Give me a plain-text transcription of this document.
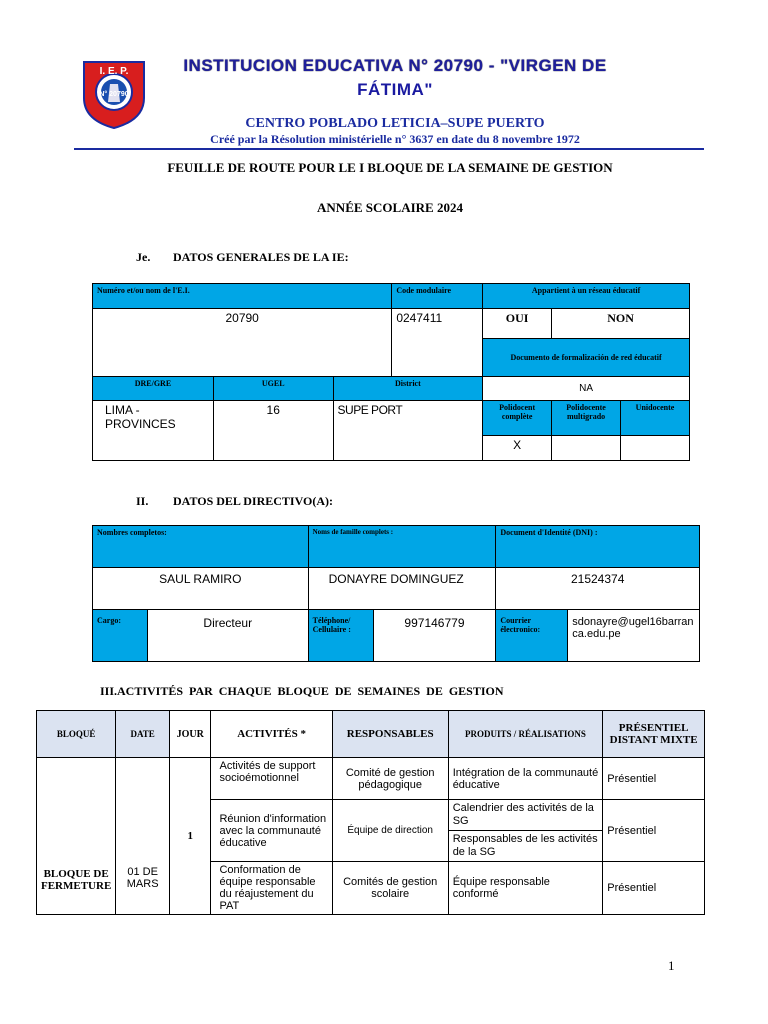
I. E. P.
N° 20790
INSTITUCION EDUCATIVA N° 20790 - "VIRGEN DE
FÁTIMA"
CENTRO POBLADO LETICIA–SUPE PUERTO
Créé par la Résolution ministérielle n° 3637 en date du 8 novembre 1972
FEUILLE DE ROUTE POUR LE I BLOQUE DE LA SEMAINE DE GESTION
ANNÉE SCOLAIRE 2024
Je. DATOS GENERALES DE LA IE:
Numéro et/ou nom de l'E.I.			Code modulaire	Appartient à un réseau éducatif		
20790			0247411	OUI	NON	
				Documento de formalización de red éducatif		
DRE/GRE	UGEL	District		NA		
LIMA - PROVINCES	16	SUPE PORT		Polidocent complète	Polidocente multigrado	Unidocente
				X		
II. DATOS DEL DIRECTIVO(A):
Nombres completos:		Noms de famille complets :		Document d'Identité (DNI) :	
SAUL RAMIRO		DONAYRE DOMINGUEZ		21524374	
Cargo:	Directeur	Téléphone/ Cellulaire :	997146779	Courrier électronico:	sdonayre@ugel16barranca.edu.pe
III.ACTIVITÉS PAR CHAQUE BLOQUE DE SEMAINES DE GESTION
BLOQUÉ	DATE	JOUR	ACTIVITÉS *	RESPONSABLES	PRODUITS / RÉALISATIONS	PRÉSENTIEL DISTANT MIXTE
BLOQUE DE FERMETURE	01 DE MARS	1	Activités de support socioémotionnel	Comité de gestion pédagogique	Intégration de la communauté éducative	Présentiel
			Réunion d'information avec la communauté éducative	Équipe de direction	Calendrier des activités de la SG	Présentiel
					Responsables de les activités de la SG	
			Conformation de équipe responsable du réajustement du PAT	Comités de gestion scolaire	Équipe responsable conformé	Présentiel
1
